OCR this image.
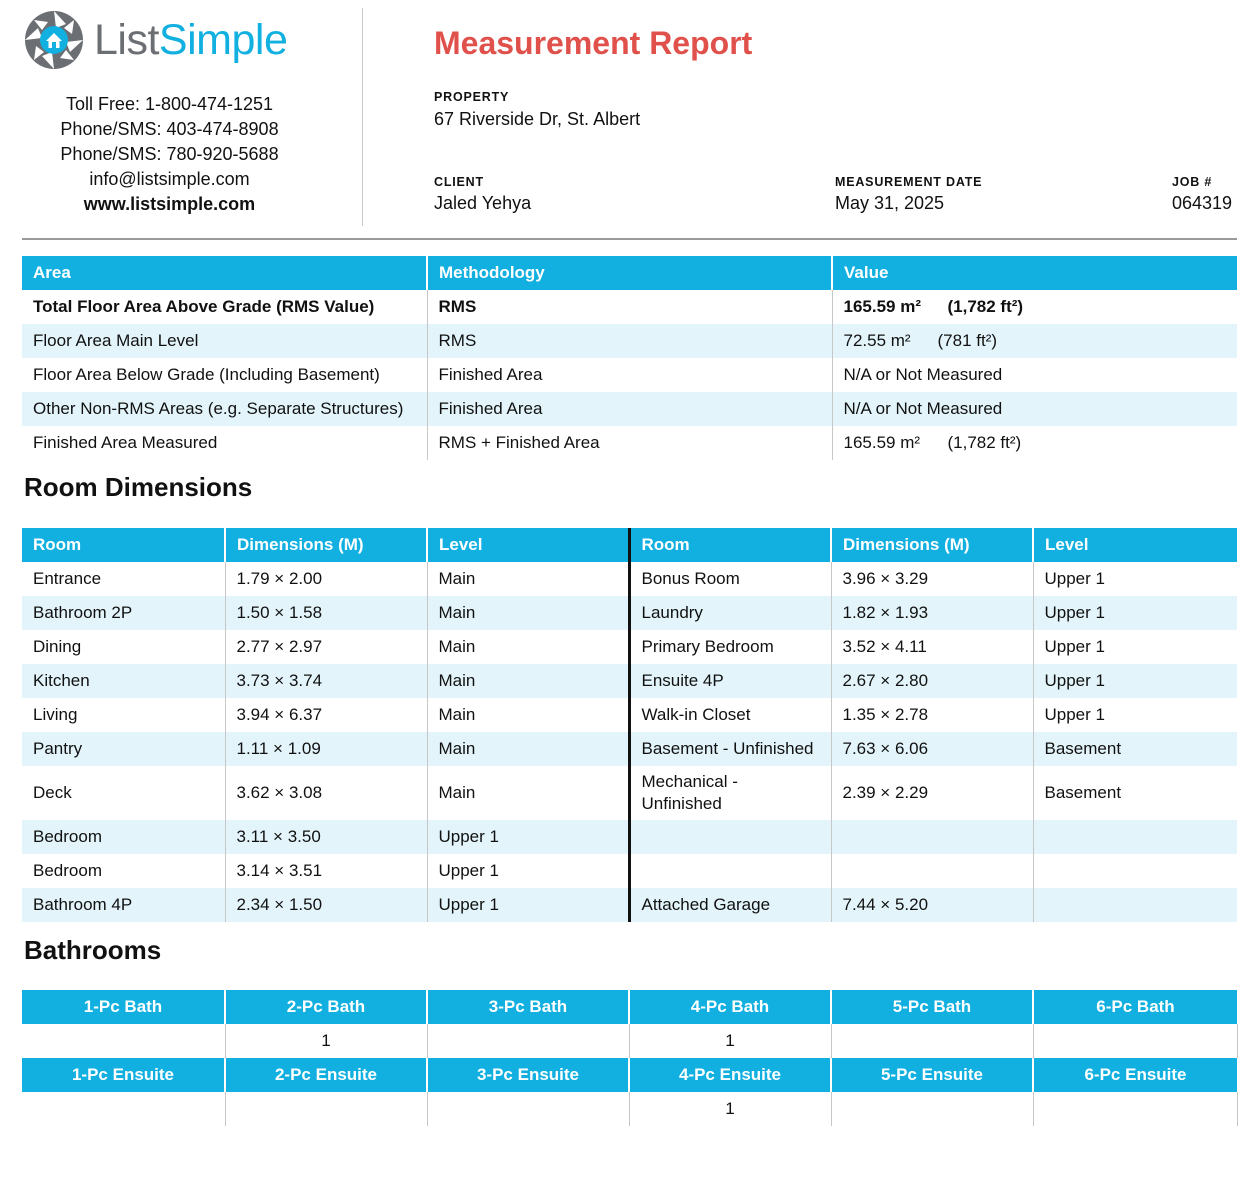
ListSimple
Toll Free: 1-800-474-1251
Phone/SMS: 403-474-8908
Phone/SMS: 780-920-5688
info@listsimple.com
www.listsimple.com
Measurement Report
PROPERTY
67 Riverside Dr, St. Albert
CLIENT
Jaled Yehya
MEASUREMENT DATE
May 31, 2025
JOB #
064319
Area	Methodology	Value
Total Floor Area Above Grade (RMS Value)	RMS	165.59 m² (1,782 ft²)
Floor Area Main Level	RMS	72.55 m² (781 ft²)
Floor Area Below Grade (Including Basement)	Finished Area	N/A or Not Measured
Other Non-RMS Areas (e.g. Separate Structures)	Finished Area	N/A or Not Measured
Finished Area Measured	RMS + Finished Area	165.59 m² (1,782 ft²)
Room Dimensions
Room	Dimensions (M)	Level	Room	Dimensions (M)	Level
Entrance	1.79 × 2.00	Main	Bonus Room	3.96 × 3.29	Upper 1
Bathroom 2P	1.50 × 1.58	Main	Laundry	1.82 × 1.93	Upper 1
Dining	2.77 × 2.97	Main	Primary Bedroom	3.52 × 4.11	Upper 1
Kitchen	3.73 × 3.74	Main	Ensuite 4P	2.67 × 2.80	Upper 1
Living	3.94 × 6.37	Main	Walk-in Closet	1.35 × 2.78	Upper 1
Pantry	1.11 × 1.09	Main	Basement - Unfinished	7.63 × 6.06	Basement
Deck	3.62 × 3.08	Main	Mechanical - Unfinished	2.39 × 2.29	Basement
Bedroom	3.11 × 3.50	Upper 1			
Bedroom	3.14 × 3.51	Upper 1			
Bathroom 4P	2.34 × 1.50	Upper 1	Attached Garage	7.44 × 5.20	
Bathrooms
1-Pc Bath	2-Pc Bath	3-Pc Bath	4-Pc Bath	5-Pc Bath	6-Pc Bath
	1		1		
1-Pc Ensuite	2-Pc Ensuite	3-Pc Ensuite	4-Pc Ensuite	5-Pc Ensuite	6-Pc Ensuite
			1		
